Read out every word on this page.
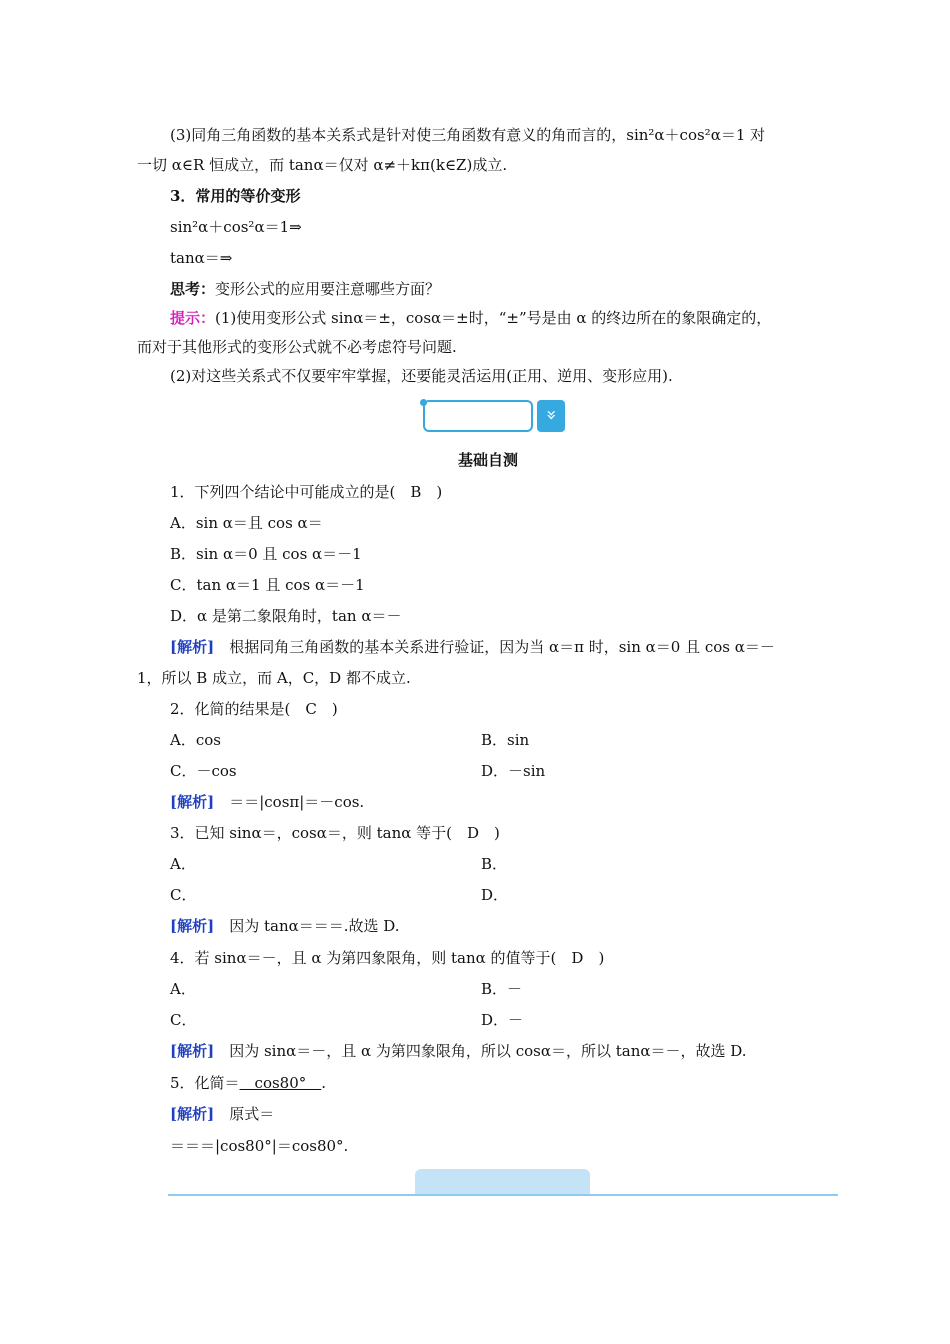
(3)同角三角函数的基本关系式是针对使三角函数有意义的角而言的，sin²α＋cos²α＝1 对
一切 α∈R 恒成立，而 tanα＝仅对 α≠＋kπ(k∈Z)成立.
3．常用的等价变形
sin²α＋cos²α＝1⇒
tanα＝⇒
思考：变形公式的应用要注意哪些方面？
提示：(1)使用变形公式 sinα＝±，cosα＝±时，“±”号是由 α 的终边所在的象限确定的，
而对于其他形式的变形公式就不必考虑符号问题.
(2)对这些关系式不仅要牢牢掌握，还要能灵活运用(正用、逆用、变形应用).
»
基础自测
1．下列四个结论中可能成立的是(　B　)
A．sin α＝且 cos α＝
B．sin α＝0 且 cos α＝－1
C．tan α＝1 且 cos α＝－1
D．α 是第二象限角时，tan α＝－
[解析]　根据同角三角函数的基本关系进行验证，因为当 α＝π 时，sin α＝0 且 cos α＝－
1，所以 B 成立，而 A，C，D 都不成立.
2．化简的结果是(　C　)
A．cos	B．sin
C．－cos	D．－sin
[解析]　＝＝|cosπ|＝－cos.
3．已知 sinα＝，cosα＝，则 tanα 等于(　D　)
A．	B．
C．	D．
[解析]　因为 tanα＝＝＝.故选 D.
4．若 sinα＝－，且 α 为第四象限角，则 tanα 的值等于(　D　)
A．	B．－
C．	D．－
[解析]　因为 sinα＝－，且 α 为第四象限角，所以 cosα＝，所以 tanα＝－，故选 D.
5．化简＝　cos80°　.
[解析]　原式＝
＝＝＝|cos80°|＝cos80°.
